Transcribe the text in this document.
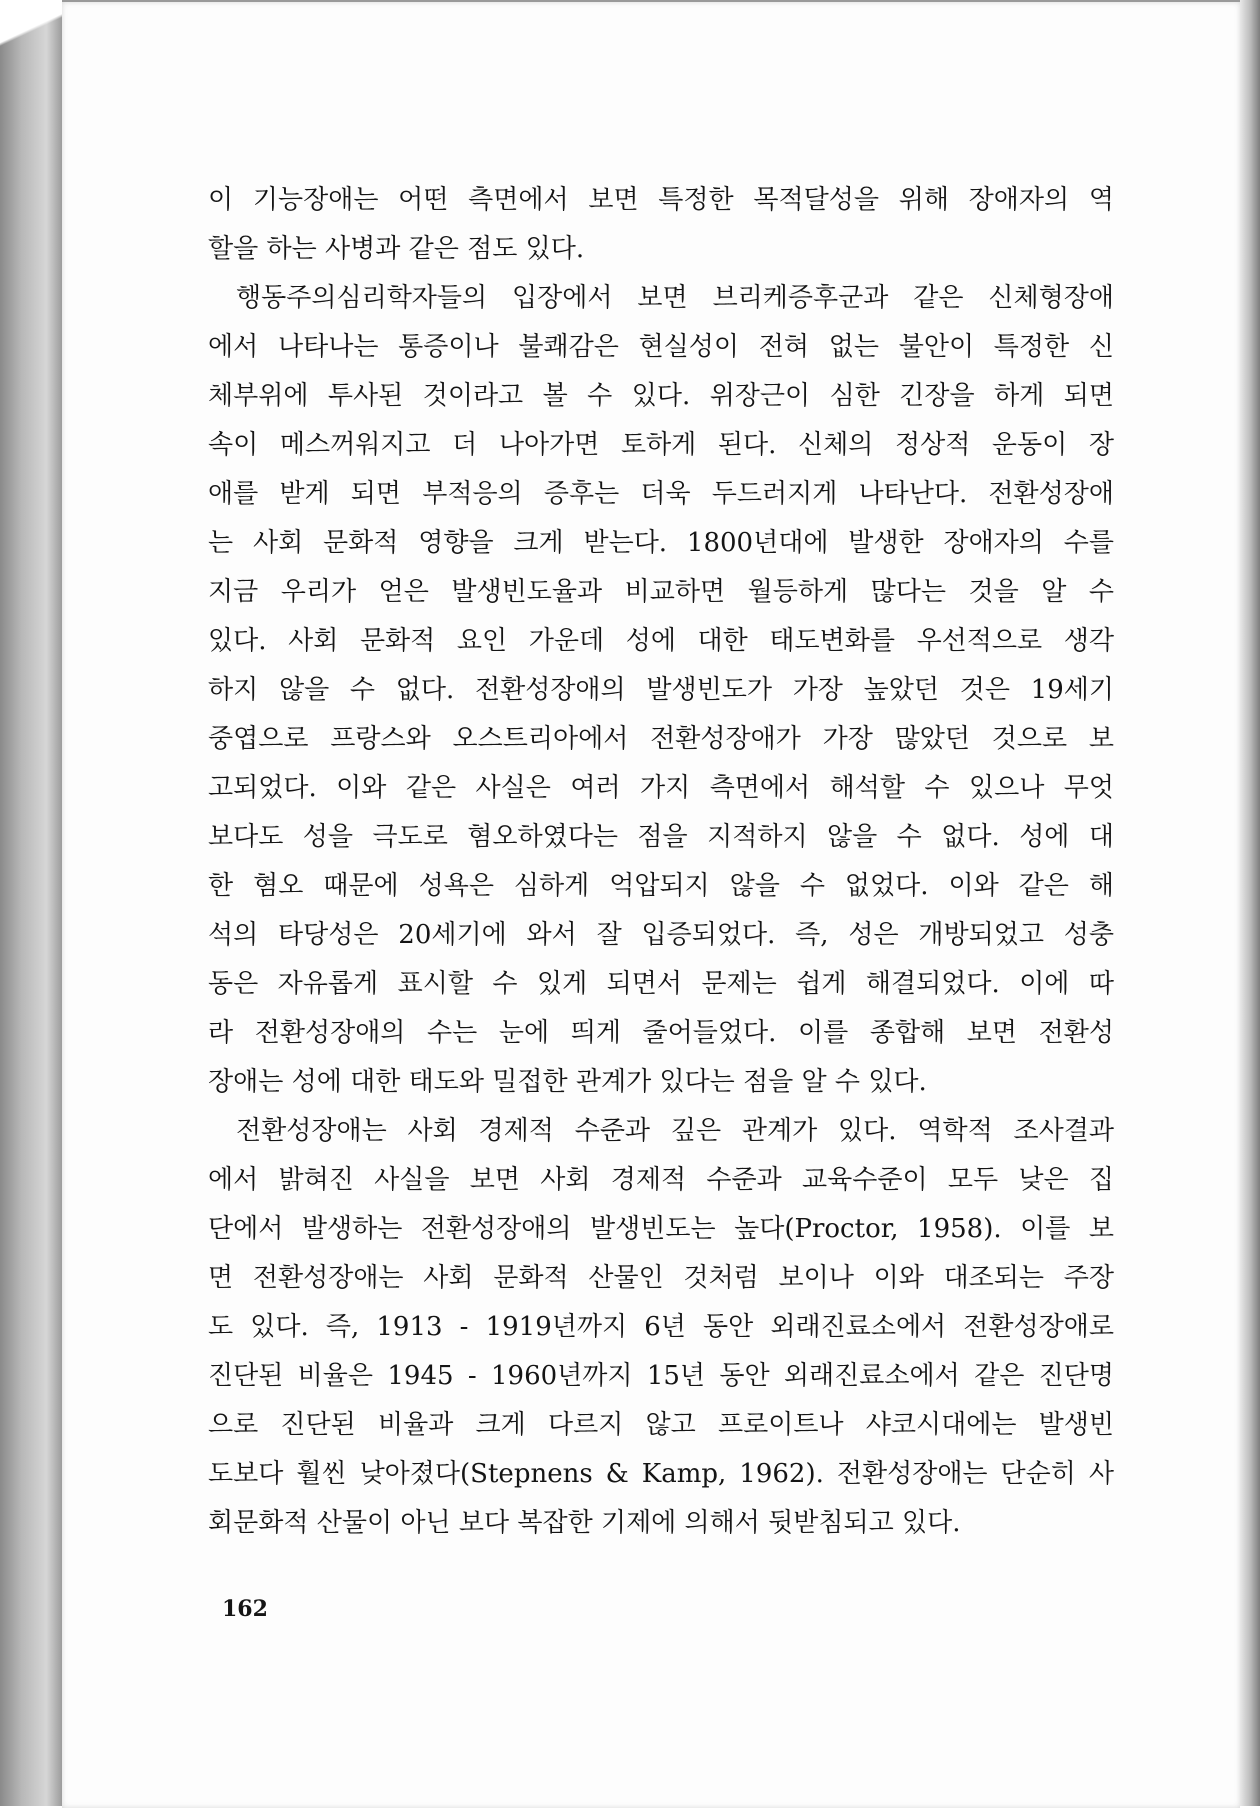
이 기능장애는 어떤 측면에서 보면 특정한 목적달성을 위해 장애자의 역
할을 하는 사병과 같은 점도 있다.
행동주의심리학자들의 입장에서 보면 브리케증후군과 같은 신체형장애
에서 나타나는 통증이나 불쾌감은 현실성이 전혀 없는 불안이 특정한 신
체부위에 투사된 것이라고 볼 수 있다. 위장근이 심한 긴장을 하게 되면
속이 메스꺼워지고 더 나아가면 토하게 된다. 신체의 정상적 운동이 장
애를 받게 되면 부적응의 증후는 더욱 두드러지게 나타난다. 전환성장애
는 사회 문화적 영향을 크게 받는다. 1800년대에 발생한 장애자의 수를
지금 우리가 얻은 발생빈도율과 비교하면 월등하게 많다는 것을 알 수
있다. 사회 문화적 요인 가운데 성에 대한 태도변화를 우선적으로 생각
하지 않을 수 없다. 전환성장애의 발생빈도가 가장 높았던 것은 19세기
중엽으로 프랑스와 오스트리아에서 전환성장애가 가장 많았던 것으로 보
고되었다. 이와 같은 사실은 여러 가지 측면에서 해석할 수 있으나 무엇
보다도 성을 극도로 혐오하였다는 점을 지적하지 않을 수 없다. 성에 대
한 혐오 때문에 성욕은 심하게 억압되지 않을 수 없었다. 이와 같은 해
석의 타당성은 20세기에 와서 잘 입증되었다. 즉, 성은 개방되었고 성충
동은 자유롭게 표시할 수 있게 되면서 문제는 쉽게 해결되었다. 이에 따
라 전환성장애의 수는 눈에 띄게 줄어들었다. 이를 종합해 보면 전환성
장애는 성에 대한 태도와 밀접한 관계가 있다는 점을 알 수 있다.
전환성장애는 사회 경제적 수준과 깊은 관계가 있다. 역학적 조사결과
에서 밝혀진 사실을 보면 사회 경제적 수준과 교육수준이 모두 낮은 집
단에서 발생하는 전환성장애의 발생빈도는 높다(Proctor, 1958). 이를 보
면 전환성장애는 사회 문화적 산물인 것처럼 보이나 이와 대조되는 주장
도 있다. 즉, 1913 - 1919년까지 6년 동안 외래진료소에서 전환성장애로
진단된 비율은 1945 - 1960년까지 15년 동안 외래진료소에서 같은 진단명
으로 진단된 비율과 크게 다르지 않고 프로이트나 샤코시대에는 발생빈
도보다 훨씬 낮아졌다(Stepnens & Kamp, 1962). 전환성장애는 단순히 사
회문화적 산물이 아닌 보다 복잡한 기제에 의해서 뒷받침되고 있다.
162
